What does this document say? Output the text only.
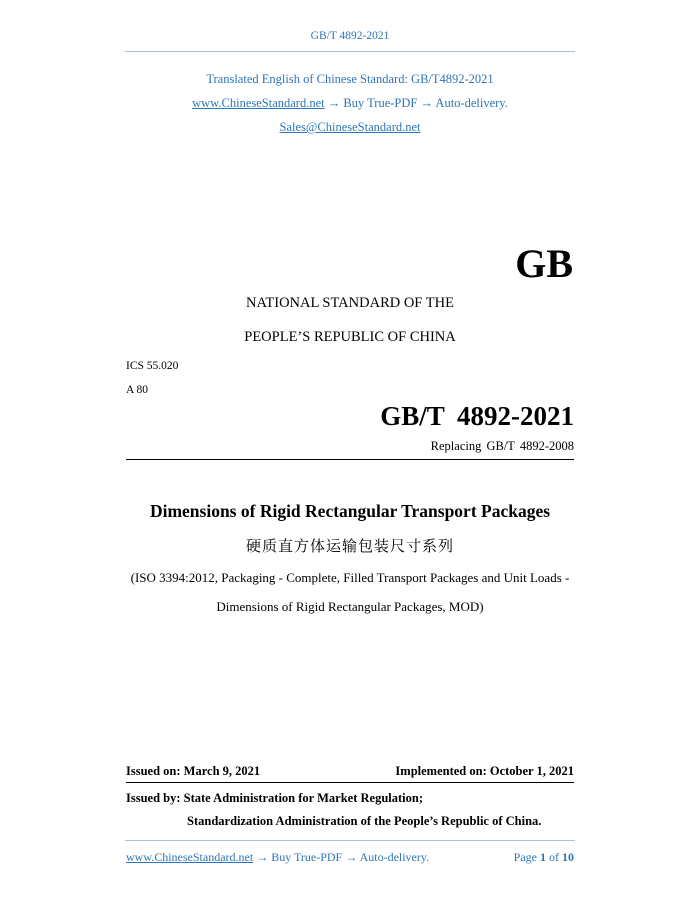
GB/T 4892-2021
Translated English of Chinese Standard: GB/T4892-2021
www.ChineseStandard.net → Buy True-PDF → Auto-delivery.
Sales@ChineseStandard.net
GB
NATIONAL STANDARD OF THE
PEOPLE’S REPUBLIC OF CHINA
ICS 55.020
A 80
GB/T 4892-2021
Replacing GB/T 4892-2008
Dimensions of Rigid Rectangular Transport Packages
硬质直方体运输包装尺寸系列
(ISO 3394:2012, Packaging - Complete, Filled Transport Packages and Unit Loads -
Dimensions of Rigid Rectangular Packages, MOD)
Issued on: March 9, 2021	Implemented on: October 1, 2021
Issued by: State Administration for Market Regulation;
Standardization Administration of the People’s Republic of China.
www.ChineseStandard.net → Buy True-PDF → Auto-delivery.	Page 1 of 10
